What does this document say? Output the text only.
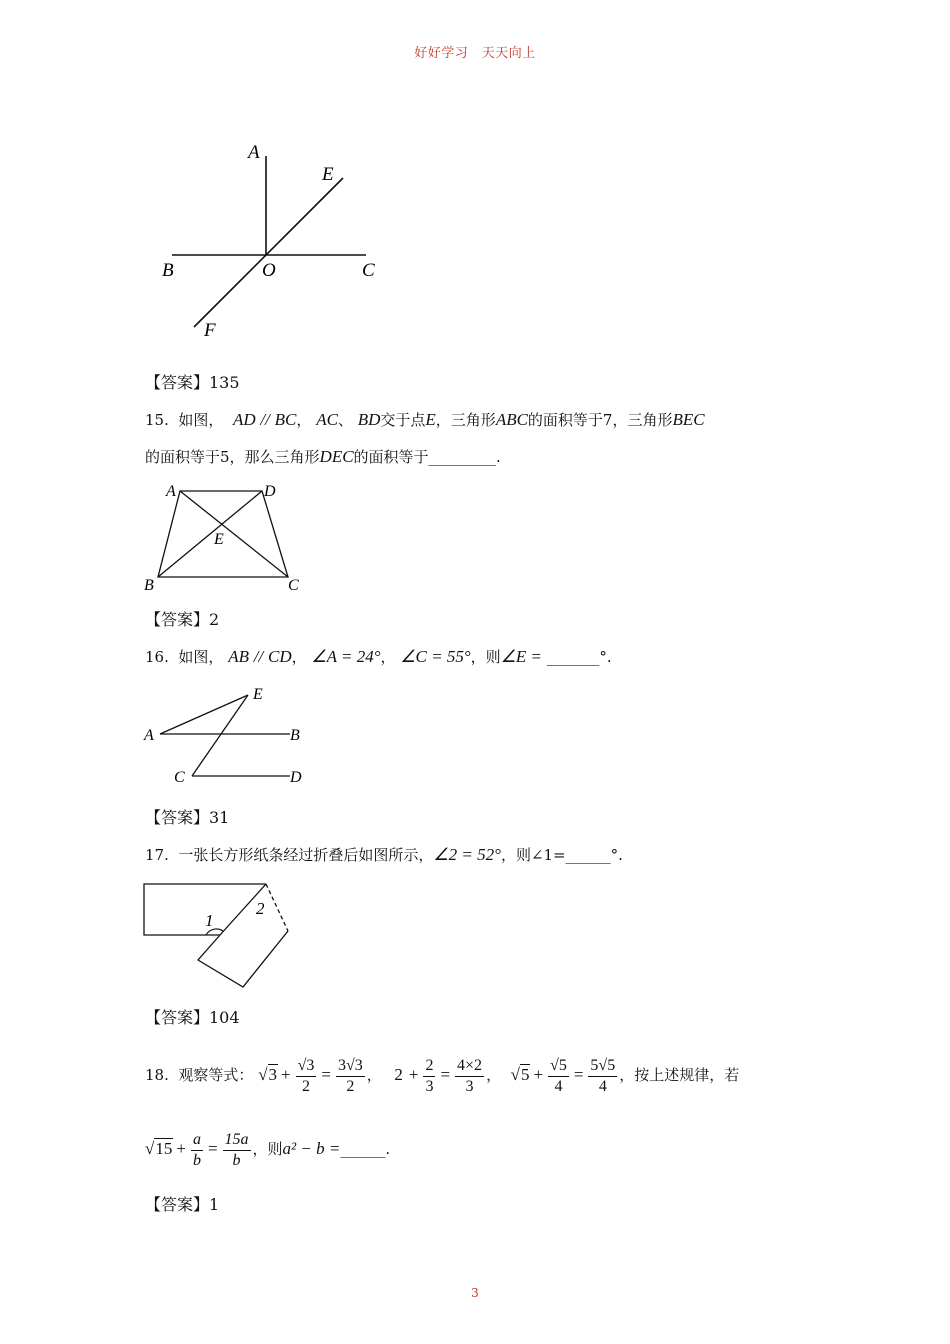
好好学习　天天向上
A
E
B	O	C
F
【答案】135
15. 如图， AD // BC， AC、 BD交于点E，三角形ABC的面积等于7，三角形BEC
的面积等于5，那么三角形DEC的面积等于_________.
A	D
E
B	C
【答案】2
16. 如图， AB // CD， ∠A = 24°， ∠C = 55°，则∠E = _______°.
E
A	B
C	D
【答案】31
17. 一张长方形纸条经过折叠后如图所示，∠2 = 52°，则∠1=______°.
1
2
【答案】104
18. 观察等式： $√3 + \frac{√3}{2} = \frac{3√3}{2}$ ，  $2 + \frac{2}{3} = \frac{4\times 2}{3}$ ，  $√5 + \frac{√5}{4} = \frac{5√5}{4}$ ，按上述规律，若
$√15 + \frac{a}{b} = \frac{15a}{b}$ ，则a² − b =______.
【答案】1
3
